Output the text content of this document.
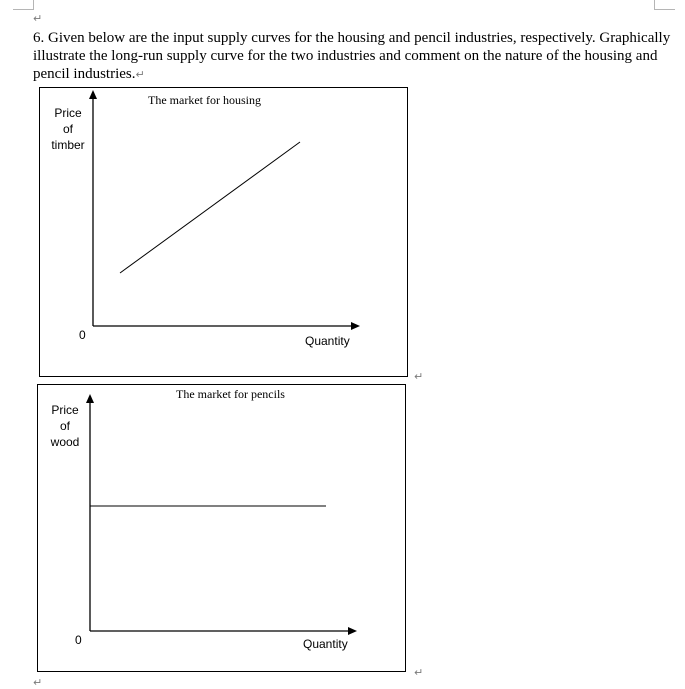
↵

6. Given below are the input supply curves for the housing and pencil industries, respectively. Graphically illustrate the long-run supply curve for the two industries and comment on the nature of the housing and pencil industries.↵

The market for housing
Price
of
timber
0	Quantity
↵
The market for pencils
Price
of
wood
0	Quantity
↵
↵
